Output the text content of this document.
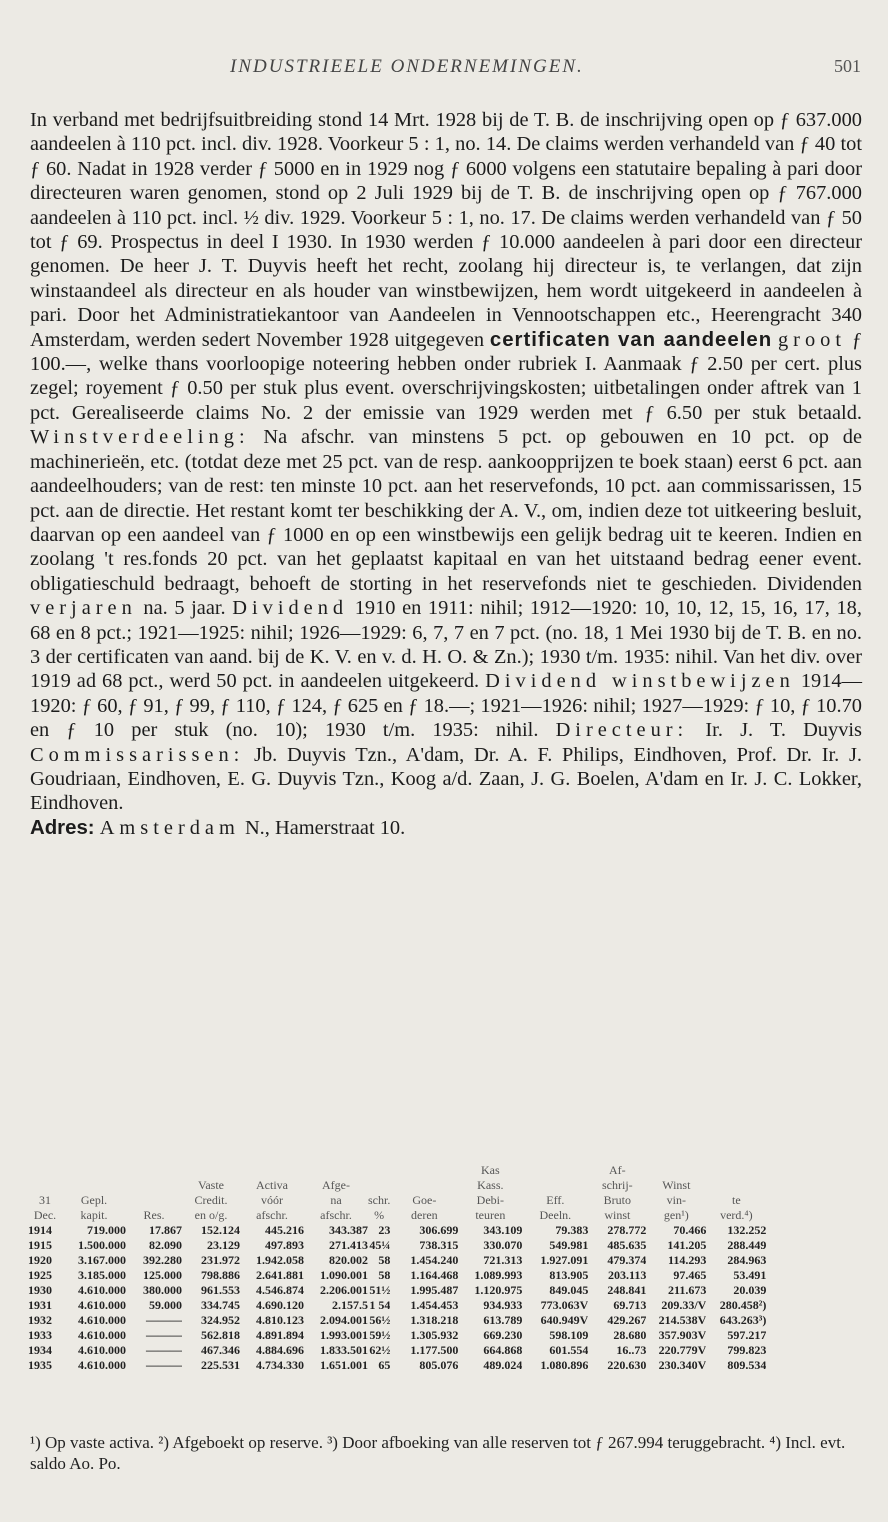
INDUSTRIEELE ONDERNEMINGEN.	501

In verband met bedrijfsuitbreiding stond 14 Mrt. 1928 bij de T. B. de inschrijving open op ƒ 637.000 aandeelen à 110 pct. incl. div. 1928. Voorkeur 5 : 1, no. 14. De claims werden verhandeld van ƒ 40 tot ƒ 60. Nadat in 1928 verder ƒ 5000 en in 1929 nog ƒ 6000 volgens een statutaire bepaling à pari door directeuren waren genomen, stond op 2 Juli 1929 bij de T. B. de inschrijving open op ƒ 767.000 aandeelen à 110 pct. incl. ½ div. 1929. Voorkeur 5 : 1, no. 17. De claims werden verhandeld van ƒ 50 tot ƒ 69. Prospectus in deel I 1930. In 1930 werden ƒ 10.000 aandeelen à pari door een directeur genomen. De heer J. T. Duyvis heeft het recht, zoolang hij directeur is, te verlangen, dat zijn winstaandeel als directeur en als houder van winstbewijzen, hem wordt uitgekeerd in aandeelen à pari. Door het Administratiekantoor van Aandeelen in Vennootschappen etc., Heerengracht 340 Amsterdam, werden sedert November 1928 uitgegeven certificaten van aandeelen groot ƒ 100.—, welke thans voorloopige noteering hebben onder rubriek I. Aanmaak ƒ 2.50 per cert. plus zegel; royement ƒ 0.50 per stuk plus event. overschrijvingskosten; uitbetalingen onder aftrek van 1 pct. Gerealiseerde claims No. 2 der emissie van 1929 werden met ƒ 6.50 per stuk betaald. Winstverdeeling: Na afschr. van minstens 5 pct. op gebouwen en 10 pct. op de machinerieën, etc. (totdat deze met 25 pct. van de resp. aankoopprijzen te boek staan) eerst 6 pct. aan aandeelhouders; van de rest: ten minste 10 pct. aan het reservefonds, 10 pct. aan commissarissen, 15 pct. aan de directie. Het restant komt ter beschikking der A. V., om, indien deze tot uitkeering besluit, daarvan op een aandeel van ƒ 1000 en op een winstbewijs een gelijk bedrag uit te keeren. Indien en zoolang 't res.fonds 20 pct. van het geplaatst kapitaal en van het uitstaand bedrag eener event. obligatieschuld bedraagt, behoeft de storting in het reservefonds niet te geschieden. Dividenden verjaren na. 5 jaar. Dividend 1910 en 1911: nihil; 1912—1920: 10, 10, 12, 15, 16, 17, 18, 68 en 8 pct.; 1921—1925: nihil; 1926—1929: 6, 7, 7 en 7 pct. (no. 18, 1 Mei 1930 bij de T. B. en no. 3 der certificaten van aand. bij de K. V. en v. d. H. O. & Zn.); 1930 t/m. 1935: nihil. Van het div. over 1919 ad 68 pct., werd 50 pct. in aandeelen uitgekeerd. Dividend winstbewijzen 1914—1920: ƒ 60, ƒ 91, ƒ 99, ƒ 110, ƒ 124, ƒ 625 en ƒ 18.—; 1921—1926: nihil; 1927—1929: ƒ 10, ƒ 10.70 en ƒ 10 per stuk (no. 10); 1930 t/m. 1935: nihil. Directeur: Ir. J. T. Duyvis Commissarissen: Jb. Duyvis Tzn., A'dam, Dr. A. F. Philips, Eindhoven, Prof. Dr. Ir. J. Goudriaan, Eindhoven, E. G. Duyvis Tzn., Koog a/d. Zaan, J. G. Boelen, A'dam en Ir. J. C. Lokker, Eindhoven.

Adres: Amsterdam N., Hamerstraat 10.

								Kas		Af-		
			Vaste	Activa	Afge-			Kass.		schrij-	Winst	
31	Gepl.		Credit.	vóór	na	schr.	Goe-	Debi-	Eff.	Bruto	vin-	te
Dec.	kapit.	Res.	en o/g.	afschr.	afschr.	%	deren	teuren	Deeln.	winst	gen¹)	verd.⁴)
1914	719.000	17.867	152.124	445.216	343.387	23	306.699	343.109	79.383	278.772	70.466	132.252
1915	1.500.000	82.090	23.129	497.893	271.413	45¼	738.315	330.070	549.981	485.635	141.205	288.449
1920	3.167.000	392.280	231.972	1.942.058	820.002	58	1.454.240	721.313	1.927.091	479.374	114.293	284.963
1925	3.185.000	125.000	798.886	2.641.881	1.090.001	58	1.164.468	1.089.993	813.905	203.113	97.465	53.491
1930	4.610.000	380.000	961.553	4.546.874	2.206.001	51½	1.995.487	1.120.975	849.045	248.841	211.673	20.039
1931	4.610.000	59.000	334.745	4.690.120	2.157.5	1 54	1.454.453	934.933	773.063V	69.713	209.33/V	280.458²)
1932	4.610.000	———	324.952	4.810.123	2.094.001	56½	1.318.218	613.789	640.949V	429.267	214.538V	643.263³)
1933	4.610.000	———	562.818	4.891.894	1.993.001	59½	1.305.932	669.230	598.109	28.680	357.903V	597.217
1934	4.610.000	———	467.346	4.884.696	1.833.501	62½	1.177.500	664.868	601.554	16..73	220.779V	799.823
1935	4.610.000	———	225.531	4.734.330	1.651.001	65	805.076	489.024	1.080.896	220.630	230.340V	809.534

¹) Op vaste activa. ²) Afgeboekt op reserve. ³) Door afboeking van alle reserven tot ƒ 267.994 teruggebracht. ⁴) Incl. evt. saldo Ao. Po.
